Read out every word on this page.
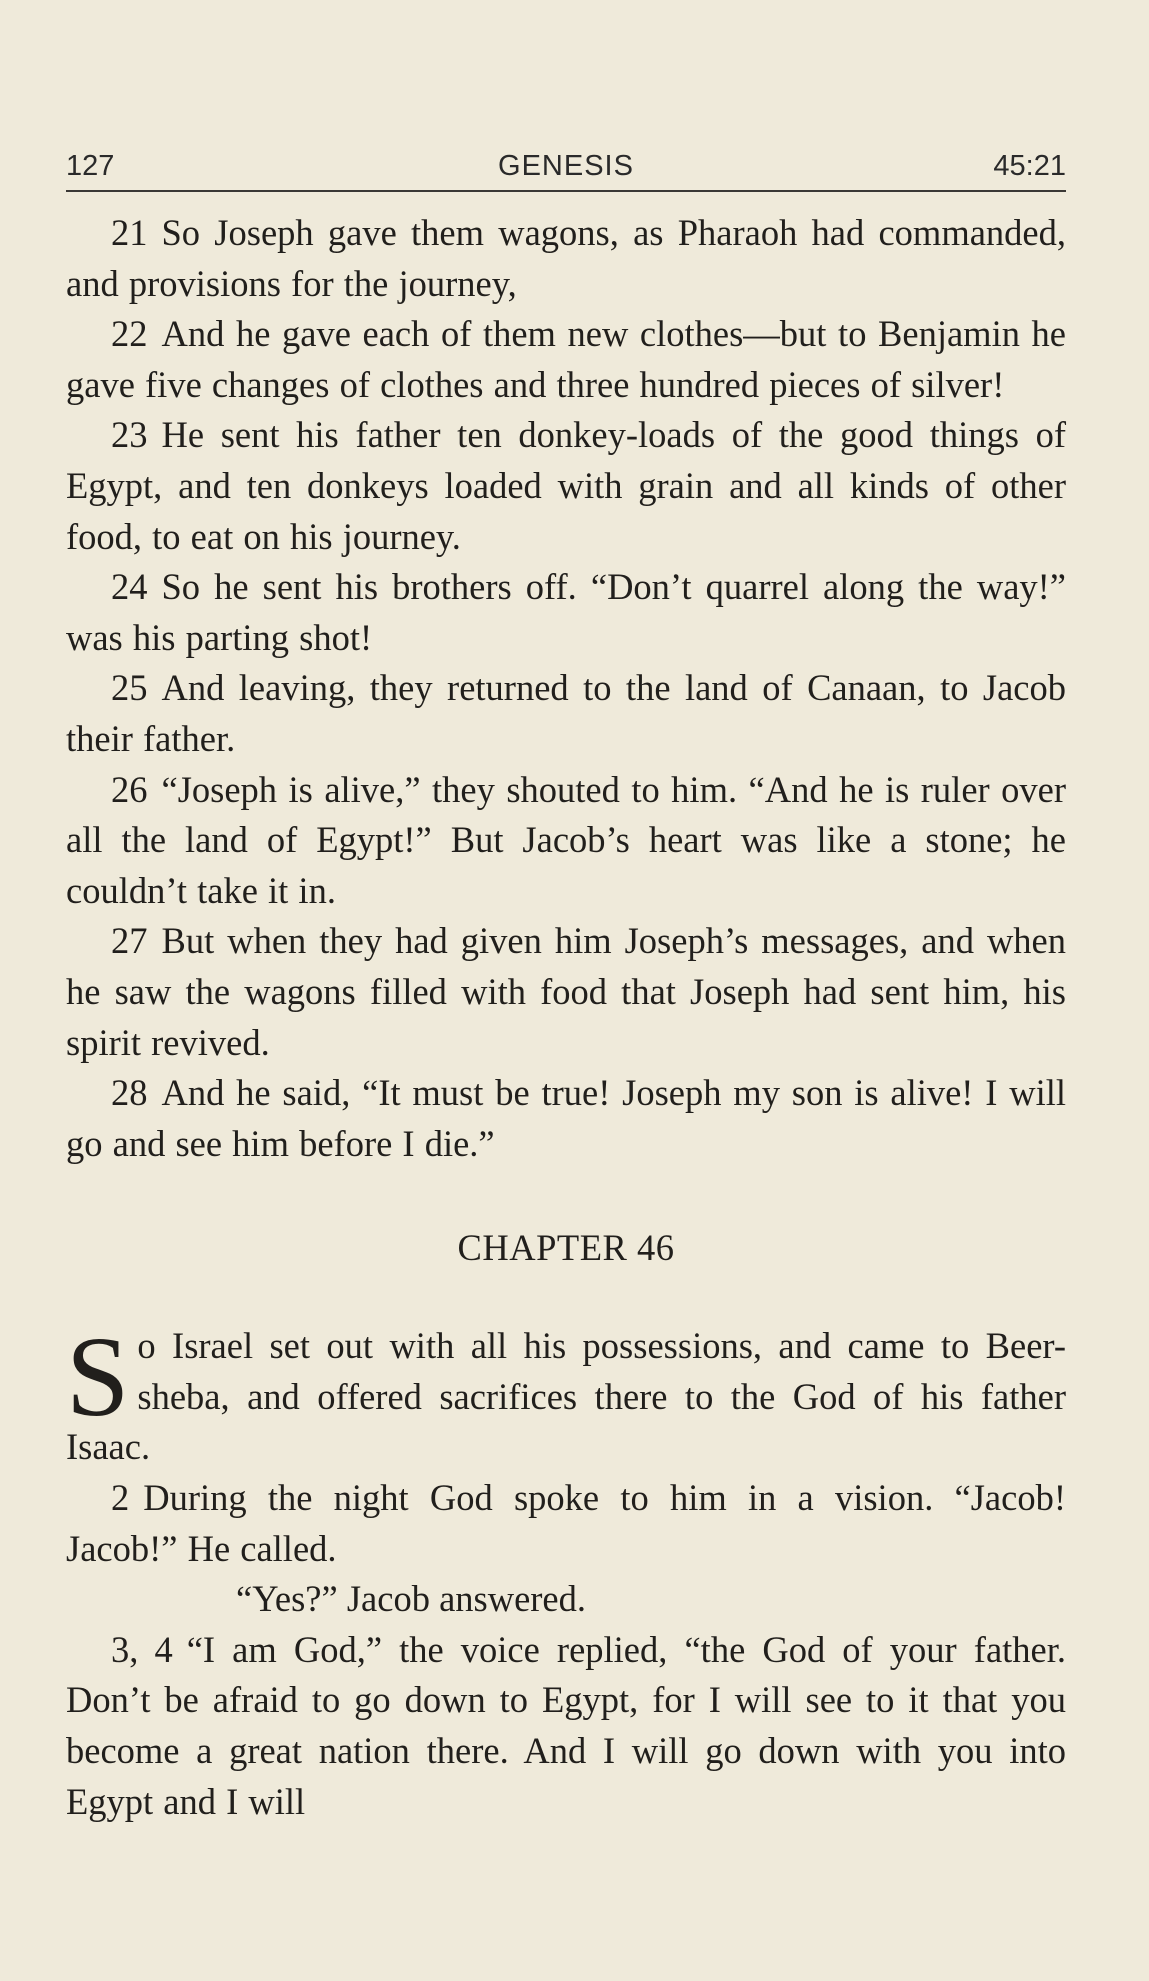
GENESIS
127	45:21

21 So Joseph gave them wagons, as Pharaoh had commanded, and provisions for the journey,

22 And he gave each of them new clothes—but to Benjamin he gave five changes of clothes and three hundred pieces of silver!

23 He sent his father ten donkey-loads of the good things of Egypt, and ten donkeys loaded with grain and all kinds of other food, to eat on his journey.

24 So he sent his brothers off. “Don’t quarrel along the way!” was his parting shot!

25 And leaving, they returned to the land of Canaan, to Jacob their father.

26 “Joseph is alive,” they shouted to him. “And he is ruler over all the land of Egypt!” But Jacob’s heart was like a stone; he couldn’t take it in.

27 But when they had given him Joseph’s messages, and when he saw the wagons filled with food that Joseph had sent him, his spirit revived.

28 And he said, “It must be true! Joseph my son is alive! I will go and see him before I die.”

CHAPTER 46

So Israel set out with all his possessions, and came to Beer-sheba, and offered sacrifices there to the God of his father Isaac.

2 During the night God spoke to him in a vision. “Jacob! Jacob!” He called.

“Yes?” Jacob answered.

3, 4 “I am God,” the voice replied, “the God of your father. Don’t be afraid to go down to Egypt, for I will see to it that you become a great nation there. And I will go down with you into Egypt and I will
